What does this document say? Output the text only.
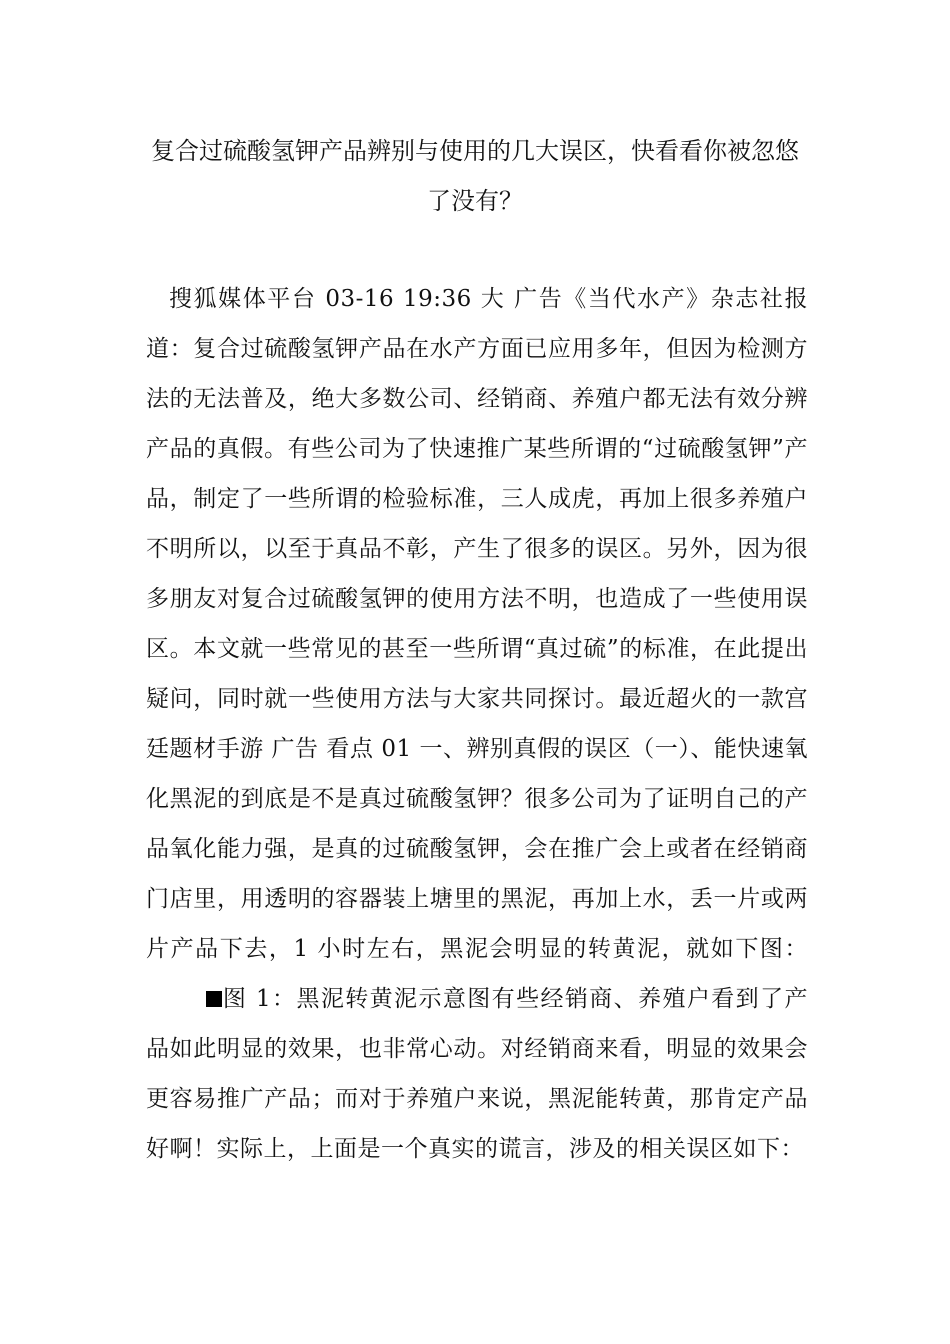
复合过硫酸氢钾产品辨别与使用的几大误区，快看看你被忽悠了没有？

搜狐媒体平台 03-16 19:36 大 广告《当代水产》杂志社报道：复合过硫酸氢钾产品在水产方面已应用多年，但因为检测方法的无法普及，绝大多数公司、经销商、养殖户都无法有效分辨产品的真假。有些公司为了快速推广某些所谓的“过硫酸氢钾”产品，制定了一些所谓的检验标准，三人成虎，再加上很多养殖户不明所以，以至于真品不彰，产生了很多的误区。另外，因为很多朋友对复合过硫酸氢钾的使用方法不明，也造成了一些使用误区。本文就一些常见的甚至一些所谓“真过硫”的标准，在此提出疑问，同时就一些使用方法与大家共同探讨。最近超火的一款宫廷题材手游 广告 看点 01 一、辨别真假的误区（一）、能快速氧化黑泥的到底是不是真过硫酸氢钾？很多公司为了证明自己的产品氧化能力强，是真的过硫酸氢钾，会在推广会上或者在经销商门店里，用透明的容器装上塘里的黑泥，再加上水，丢一片或两片产品下去，1 小时左右，黑泥会明显的转黄泥，就如下图：图 1：黑泥转黄泥示意图有些经销商、养殖户看到了产品如此明显的效果，也非常心动。对经销商来看，明显的效果会更容易推广产品；而对于养殖户来说，黑泥能转黄，那肯定产品好啊！实际上，上面是一个真实的谎言，涉及的相关误区如下：
